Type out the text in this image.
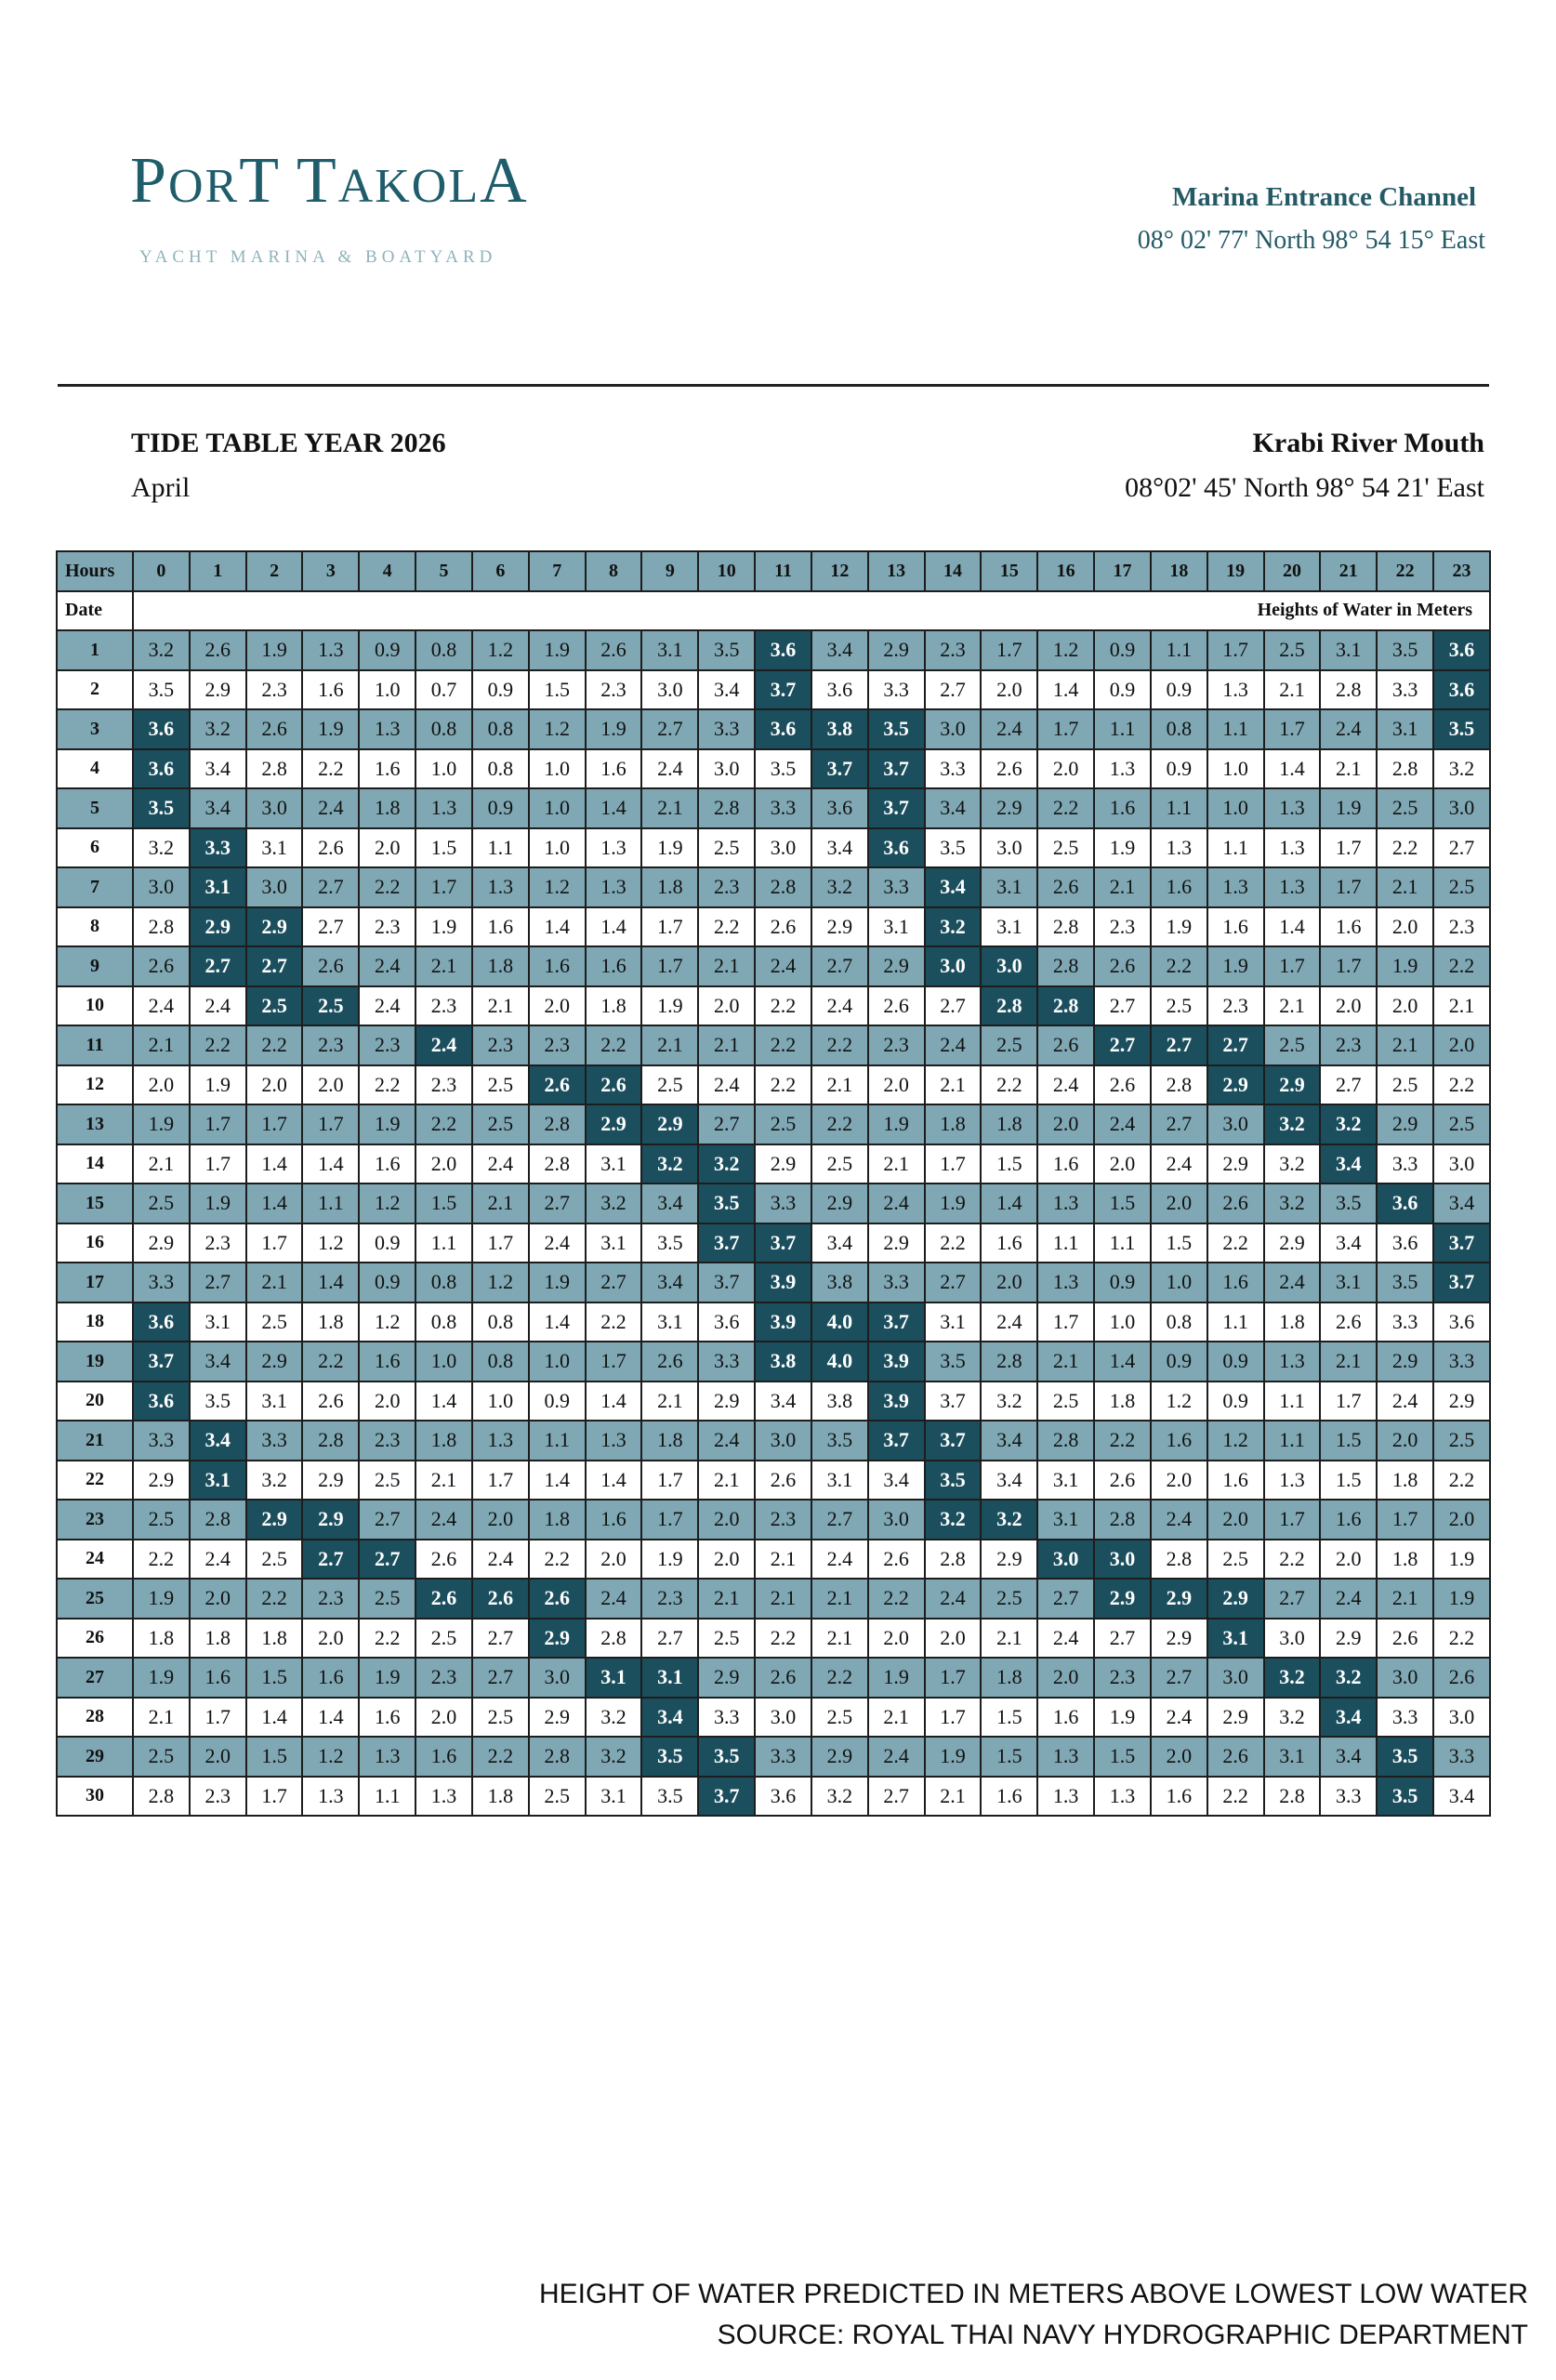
PORT TAKOLA
YACHT MARINA & BOATYARD
Marina Entrance Channel
08° 02' 77' North 98° 54 15° East
TIDE TABLE YEAR 2026
April
Krabi River Mouth
08°02' 45' North 98° 54 21' East
Hours	0	1	2	3	4	5	6	7	8	9	10	11	12	13	14	15	16	17	18	19	20	21	22	23
Date	Heights of Water in Meters																							
1	3.2	2.6	1.9	1.3	0.9	0.8	1.2	1.9	2.6	3.1	3.5	3.6	3.4	2.9	2.3	1.7	1.2	0.9	1.1	1.7	2.5	3.1	3.5	3.6
2	3.5	2.9	2.3	1.6	1.0	0.7	0.9	1.5	2.3	3.0	3.4	3.7	3.6	3.3	2.7	2.0	1.4	0.9	0.9	1.3	2.1	2.8	3.3	3.6
3	3.6	3.2	2.6	1.9	1.3	0.8	0.8	1.2	1.9	2.7	3.3	3.6	3.8	3.5	3.0	2.4	1.7	1.1	0.8	1.1	1.7	2.4	3.1	3.5
4	3.6	3.4	2.8	2.2	1.6	1.0	0.8	1.0	1.6	2.4	3.0	3.5	3.7	3.7	3.3	2.6	2.0	1.3	0.9	1.0	1.4	2.1	2.8	3.2
5	3.5	3.4	3.0	2.4	1.8	1.3	0.9	1.0	1.4	2.1	2.8	3.3	3.6	3.7	3.4	2.9	2.2	1.6	1.1	1.0	1.3	1.9	2.5	3.0
6	3.2	3.3	3.1	2.6	2.0	1.5	1.1	1.0	1.3	1.9	2.5	3.0	3.4	3.6	3.5	3.0	2.5	1.9	1.3	1.1	1.3	1.7	2.2	2.7
7	3.0	3.1	3.0	2.7	2.2	1.7	1.3	1.2	1.3	1.8	2.3	2.8	3.2	3.3	3.4	3.1	2.6	2.1	1.6	1.3	1.3	1.7	2.1	2.5
8	2.8	2.9	2.9	2.7	2.3	1.9	1.6	1.4	1.4	1.7	2.2	2.6	2.9	3.1	3.2	3.1	2.8	2.3	1.9	1.6	1.4	1.6	2.0	2.3
9	2.6	2.7	2.7	2.6	2.4	2.1	1.8	1.6	1.6	1.7	2.1	2.4	2.7	2.9	3.0	3.0	2.8	2.6	2.2	1.9	1.7	1.7	1.9	2.2
10	2.4	2.4	2.5	2.5	2.4	2.3	2.1	2.0	1.8	1.9	2.0	2.2	2.4	2.6	2.7	2.8	2.8	2.7	2.5	2.3	2.1	2.0	2.0	2.1
11	2.1	2.2	2.2	2.3	2.3	2.4	2.3	2.3	2.2	2.1	2.1	2.2	2.2	2.3	2.4	2.5	2.6	2.7	2.7	2.7	2.5	2.3	2.1	2.0
12	2.0	1.9	2.0	2.0	2.2	2.3	2.5	2.6	2.6	2.5	2.4	2.2	2.1	2.0	2.1	2.2	2.4	2.6	2.8	2.9	2.9	2.7	2.5	2.2
13	1.9	1.7	1.7	1.7	1.9	2.2	2.5	2.8	2.9	2.9	2.7	2.5	2.2	1.9	1.8	1.8	2.0	2.4	2.7	3.0	3.2	3.2	2.9	2.5
14	2.1	1.7	1.4	1.4	1.6	2.0	2.4	2.8	3.1	3.2	3.2	2.9	2.5	2.1	1.7	1.5	1.6	2.0	2.4	2.9	3.2	3.4	3.3	3.0
15	2.5	1.9	1.4	1.1	1.2	1.5	2.1	2.7	3.2	3.4	3.5	3.3	2.9	2.4	1.9	1.4	1.3	1.5	2.0	2.6	3.2	3.5	3.6	3.4
16	2.9	2.3	1.7	1.2	0.9	1.1	1.7	2.4	3.1	3.5	3.7	3.7	3.4	2.9	2.2	1.6	1.1	1.1	1.5	2.2	2.9	3.4	3.6	3.7
17	3.3	2.7	2.1	1.4	0.9	0.8	1.2	1.9	2.7	3.4	3.7	3.9	3.8	3.3	2.7	2.0	1.3	0.9	1.0	1.6	2.4	3.1	3.5	3.7
18	3.6	3.1	2.5	1.8	1.2	0.8	0.8	1.4	2.2	3.1	3.6	3.9	4.0	3.7	3.1	2.4	1.7	1.0	0.8	1.1	1.8	2.6	3.3	3.6
19	3.7	3.4	2.9	2.2	1.6	1.0	0.8	1.0	1.7	2.6	3.3	3.8	4.0	3.9	3.5	2.8	2.1	1.4	0.9	0.9	1.3	2.1	2.9	3.3
20	3.6	3.5	3.1	2.6	2.0	1.4	1.0	0.9	1.4	2.1	2.9	3.4	3.8	3.9	3.7	3.2	2.5	1.8	1.2	0.9	1.1	1.7	2.4	2.9
21	3.3	3.4	3.3	2.8	2.3	1.8	1.3	1.1	1.3	1.8	2.4	3.0	3.5	3.7	3.7	3.4	2.8	2.2	1.6	1.2	1.1	1.5	2.0	2.5
22	2.9	3.1	3.2	2.9	2.5	2.1	1.7	1.4	1.4	1.7	2.1	2.6	3.1	3.4	3.5	3.4	3.1	2.6	2.0	1.6	1.3	1.5	1.8	2.2
23	2.5	2.8	2.9	2.9	2.7	2.4	2.0	1.8	1.6	1.7	2.0	2.3	2.7	3.0	3.2	3.2	3.1	2.8	2.4	2.0	1.7	1.6	1.7	2.0
24	2.2	2.4	2.5	2.7	2.7	2.6	2.4	2.2	2.0	1.9	2.0	2.1	2.4	2.6	2.8	2.9	3.0	3.0	2.8	2.5	2.2	2.0	1.8	1.9
25	1.9	2.0	2.2	2.3	2.5	2.6	2.6	2.6	2.4	2.3	2.1	2.1	2.1	2.2	2.4	2.5	2.7	2.9	2.9	2.9	2.7	2.4	2.1	1.9
26	1.8	1.8	1.8	2.0	2.2	2.5	2.7	2.9	2.8	2.7	2.5	2.2	2.1	2.0	2.0	2.1	2.4	2.7	2.9	3.1	3.0	2.9	2.6	2.2
27	1.9	1.6	1.5	1.6	1.9	2.3	2.7	3.0	3.1	3.1	2.9	2.6	2.2	1.9	1.7	1.8	2.0	2.3	2.7	3.0	3.2	3.2	3.0	2.6
28	2.1	1.7	1.4	1.4	1.6	2.0	2.5	2.9	3.2	3.4	3.3	3.0	2.5	2.1	1.7	1.5	1.6	1.9	2.4	2.9	3.2	3.4	3.3	3.0
29	2.5	2.0	1.5	1.2	1.3	1.6	2.2	2.8	3.2	3.5	3.5	3.3	2.9	2.4	1.9	1.5	1.3	1.5	2.0	2.6	3.1	3.4	3.5	3.3
30	2.8	2.3	1.7	1.3	1.1	1.3	1.8	2.5	3.1	3.5	3.7	3.6	3.2	2.7	2.1	1.6	1.3	1.3	1.6	2.2	2.8	3.3	3.5	3.4
HEIGHT OF WATER PREDICTED IN METERS ABOVE LOWEST LOW WATER
SOURCE: ROYAL THAI NAVY HYDROGRAPHIC DEPARTMENT
